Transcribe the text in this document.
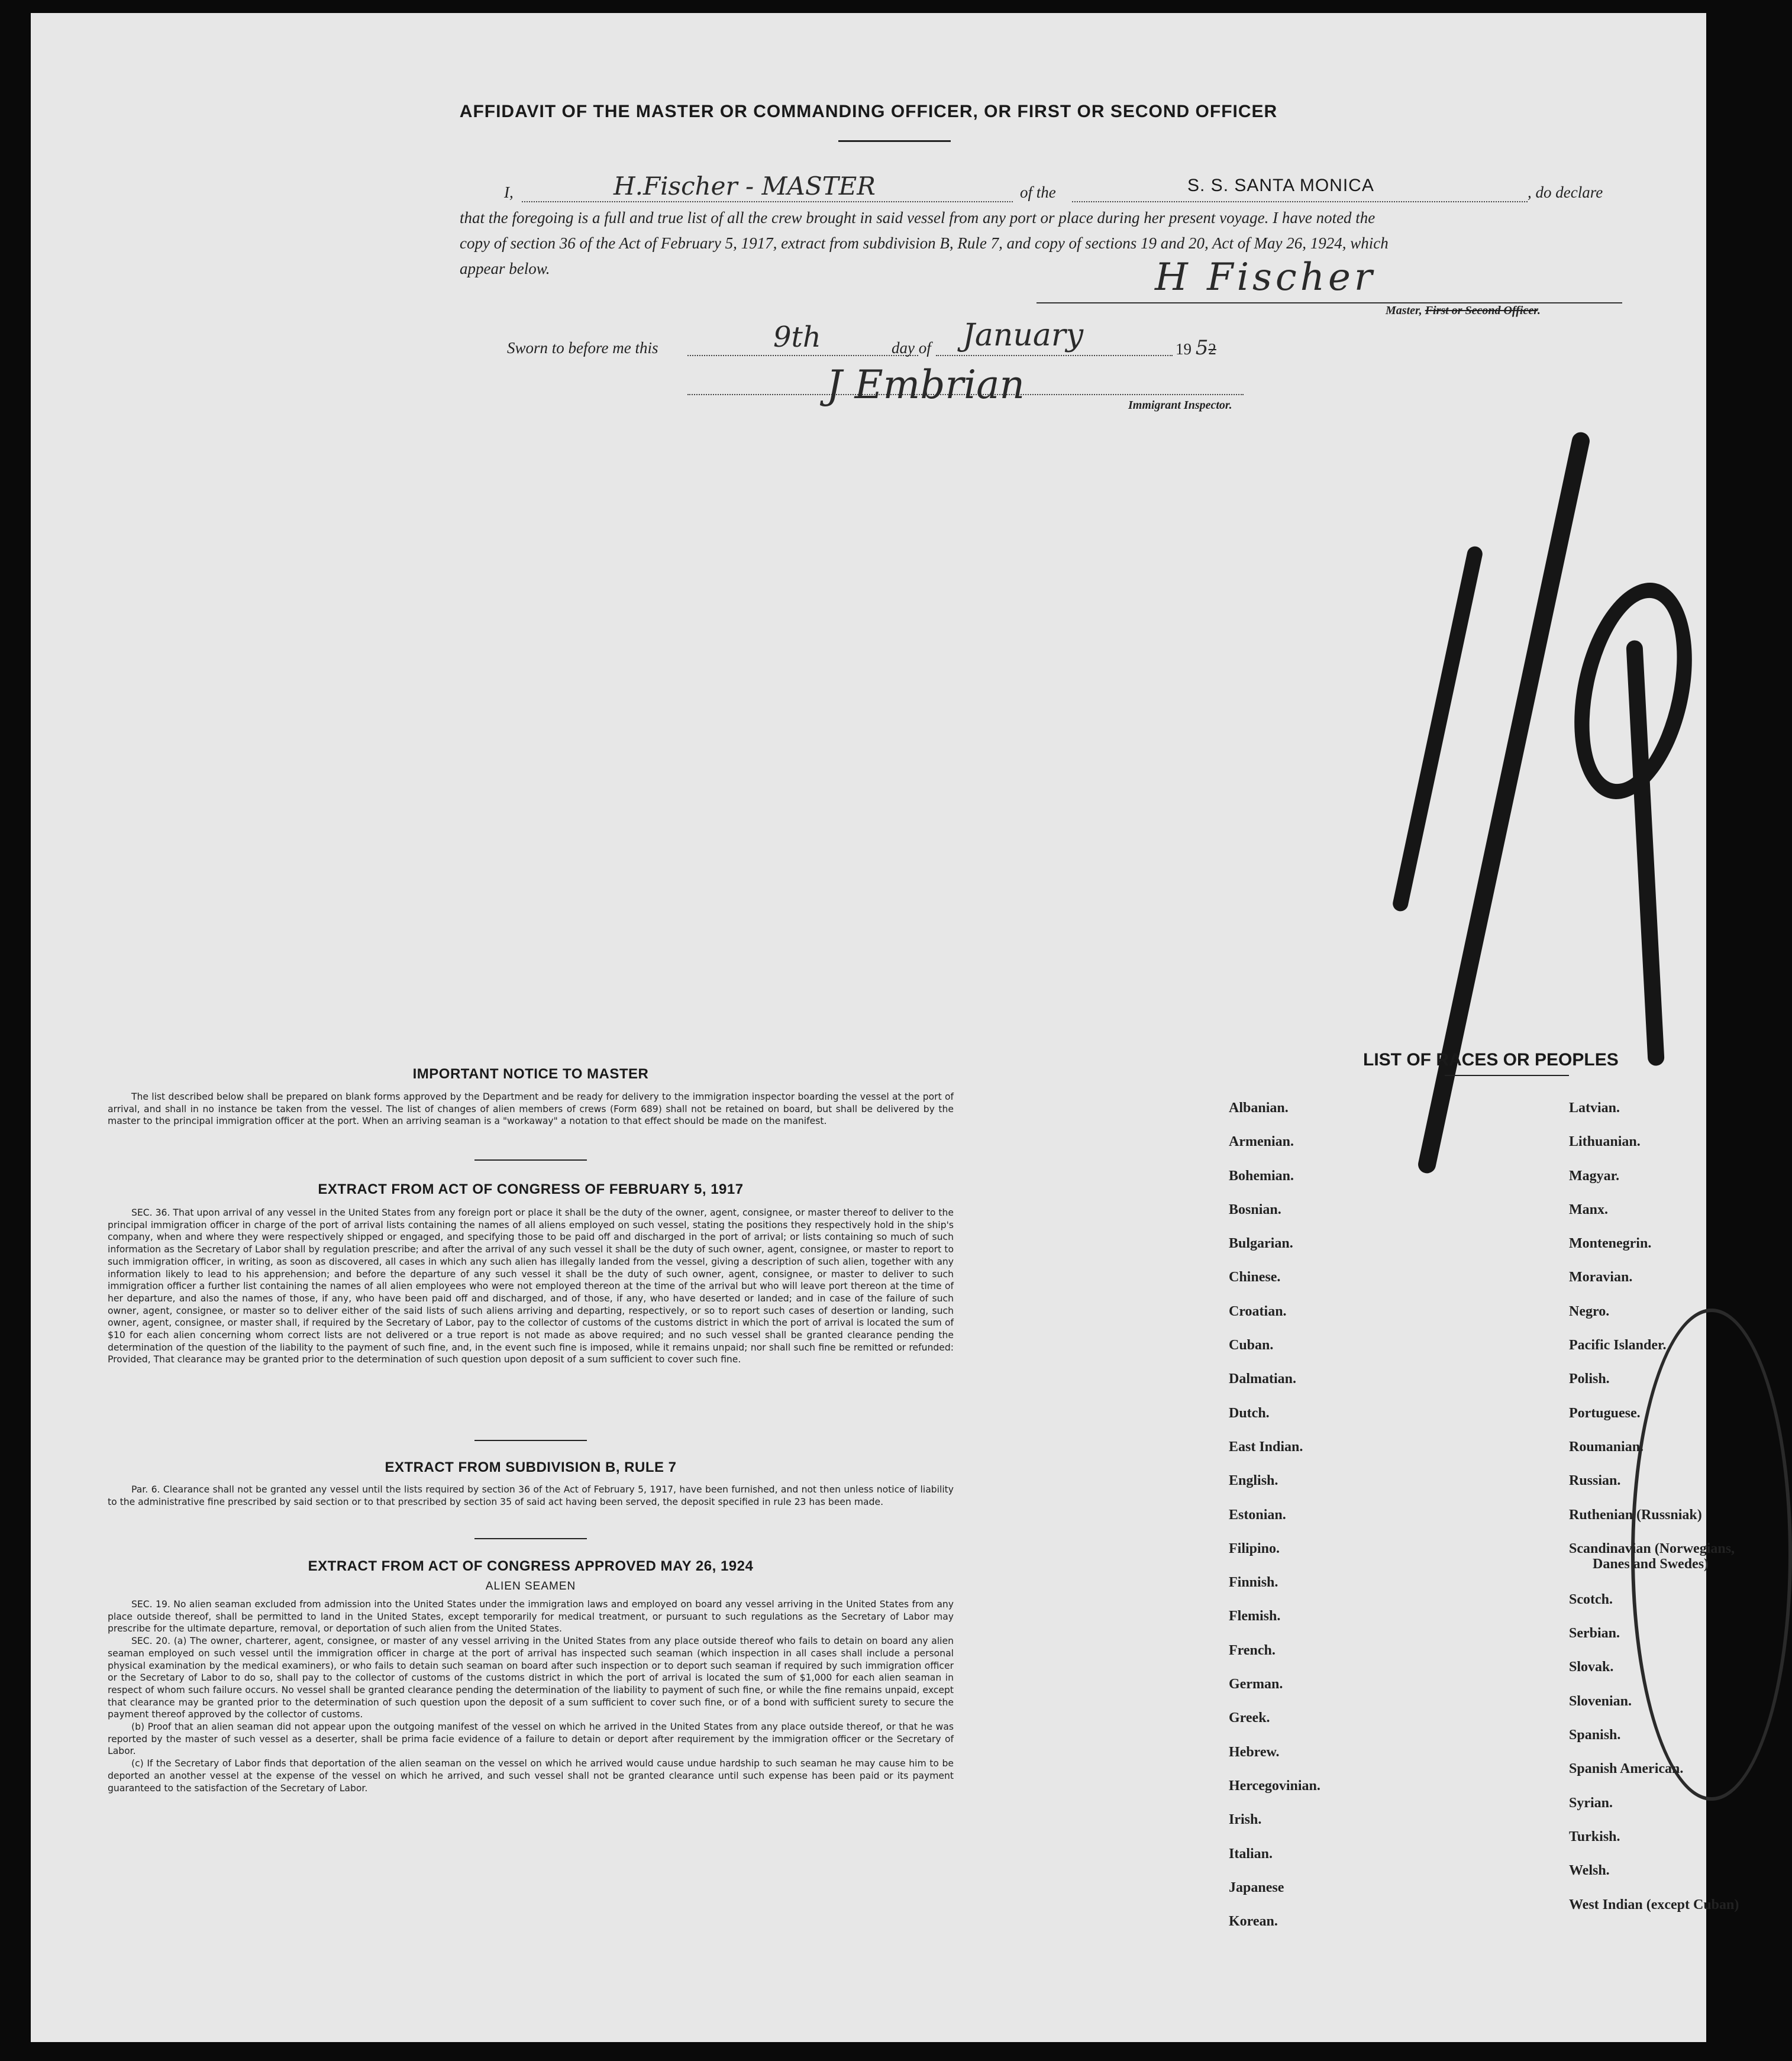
AFFIDAVIT OF THE MASTER OR COMMANDING OFFICER, OR FIRST OR SECOND OFFICER
I,	H.Fischer - MASTER	of the	S. S. SANTA MONICA	, do declare
that the foregoing is a full and true list of all the crew brought in said vessel from any port or place during her present voyage. I have noted the
copy of section 36 of the Act of February 5, 1917, extract from subdivision B, Rule 7, and copy of sections 19 and 20, Act of May 26, 1924, which
appear below.	H Fischer
Master, First or Second Officer.
Sworn to before me this	9th	day of January	19 52
J Embrian	Immigrant Inspector.
IMPORTANT NOTICE TO MASTER

The list described below shall be prepared on blank forms approved by the Department and be ready for delivery to the immigration inspector boarding the vessel at the port of arrival, and shall in no instance be taken from the vessel. The list of changes of alien members of crews (Form 689) shall not be retained on board, but shall be delivered by the master to the principal immigration officer at the port. When an arriving seaman is a "workaway" a notation to that effect should be made on the manifest.

EXTRACT FROM ACT OF CONGRESS OF FEBRUARY 5, 1917

SEC. 36. That upon arrival of any vessel in the United States from any foreign port or place it shall be the duty of the owner, agent, consignee, or master thereof to deliver to the principal immigration officer in charge of the port of arrival lists containing the names of all aliens employed on such vessel, stating the positions they respectively hold in the ship's company, when and where they were respectively shipped or engaged, and specifying those to be paid off and discharged in the port of arrival; or lists containing so much of such information as the Secretary of Labor shall by regulation prescribe; and after the arrival of any such vessel it shall be the duty of such owner, agent, consignee, or master to report to such immigration officer, in writing, as soon as discovered, all cases in which any such alien has illegally landed from the vessel, giving a description of such alien, together with any information likely to lead to his apprehension; and before the departure of any such vessel it shall be the duty of such owner, agent, consignee, or master to deliver to such immigration officer a further list containing the names of all alien employees who were not employed thereon at the time of the arrival but who will leave port thereon at the time of her departure, and also the names of those, if any, who have been paid off and discharged, and of those, if any, who have deserted or landed; and in case of the failure of such owner, agent, consignee, or master so to deliver either of the said lists of such aliens arriving and departing, respectively, or so to report such cases of desertion or landing, such owner, agent, consignee, or master shall, if required by the Secretary of Labor, pay to the collector of customs of the customs district in which the port of arrival is located the sum of $10 for each alien concerning whom correct lists are not delivered or a true report is not made as above required; and no such vessel shall be granted clearance pending the determination of the question of the liability to the payment of such fine, and, in the event such fine is imposed, while it remains unpaid; nor shall such fine be remitted or refunded: Provided, That clearance may be granted prior to the determination of such question upon deposit of a sum sufficient to cover such fine.

EXTRACT FROM SUBDIVISION B, RULE 7

Par. 6. Clearance shall not be granted any vessel until the lists required by section 36 of the Act of February 5, 1917, have been furnished, and not then unless notice of liability to the administrative fine prescribed by said section or to that prescribed by section 35 of said act having been served, the deposit specified in rule 23 has been made.

EXTRACT FROM ACT OF CONGRESS APPROVED MAY 26, 1924
ALIEN SEAMEN

SEC. 19. No alien seaman excluded from admission into the United States under the immigration laws and employed on board any vessel arriving in the United States from any place outside thereof, shall be permitted to land in the United States, except temporarily for medical treatment, or pursuant to such regulations as the Secretary of Labor may prescribe for the ultimate departure, removal, or deportation of such alien from the United States.

SEC. 20. (a) The owner, charterer, agent, consignee, or master of any vessel arriving in the United States from any place outside thereof who fails to detain on board any alien seaman employed on such vessel until the immigration officer in charge at the port of arrival has inspected such seaman (which inspection in all cases shall include a personal physical examination by the medical examiners), or who fails to detain such seaman on board after such inspection or to deport such seaman if required by such immigration officer or the Secretary of Labor to do so, shall pay to the collector of customs of the customs district in which the port of arrival is located the sum of $1,000 for each alien seaman in respect of whom such failure occurs. No vessel shall be granted clearance pending the determination of the liability to payment of such fine, or while the fine remains unpaid, except that clearance may be granted prior to the determination of such question upon the deposit of a sum sufficient to cover such fine, or of a bond with sufficient surety to secure the payment thereof approved by the collector of customs.

(b) Proof that an alien seaman did not appear upon the outgoing manifest of the vessel on which he arrived in the United States from any place outside thereof, or that he was reported by the master of such vessel as a deserter, shall be prima facie evidence of a failure to detain or deport after requirement by the immigration officer or the Secretary of Labor.

(c) If the Secretary of Labor finds that deportation of the alien seaman on the vessel on which he arrived would cause undue hardship to such seaman he may cause him to be deported an another vessel at the expense of the vessel on which he arrived, and such vessel shall not be granted clearance until such expense has been paid or its payment guaranteed to the satisfaction of the Secretary of Labor.

LIST OF RACES OR PEOPLES
Albanian.
Armenian.
Bohemian.
Bosnian.
Bulgarian.
Chinese.
Croatian.
Cuban.
Dalmatian.
Dutch.
East Indian.
English.
Estonian.
Filipino.
Finnish.
Flemish.
French.
German.
Greek.
Hebrew.
Hercegovinian.
Irish.
Italian.
Japanese
Korean.
Latvian.
Lithuanian.
Magyar.
Manx.
Montenegrin.
Moravian.
Negro.
Pacific Islander.
Polish.
Portuguese.
Roumanian.
Russian.
Ruthenian (Russniak)
Scandinavian (Norwegians,
Danes and Swedes)
Scotch.
Serbian.
Slovak.
Slovenian.
Spanish.
Spanish American.
Syrian.
Turkish.
Welsh.
West Indian (except Cuban)
